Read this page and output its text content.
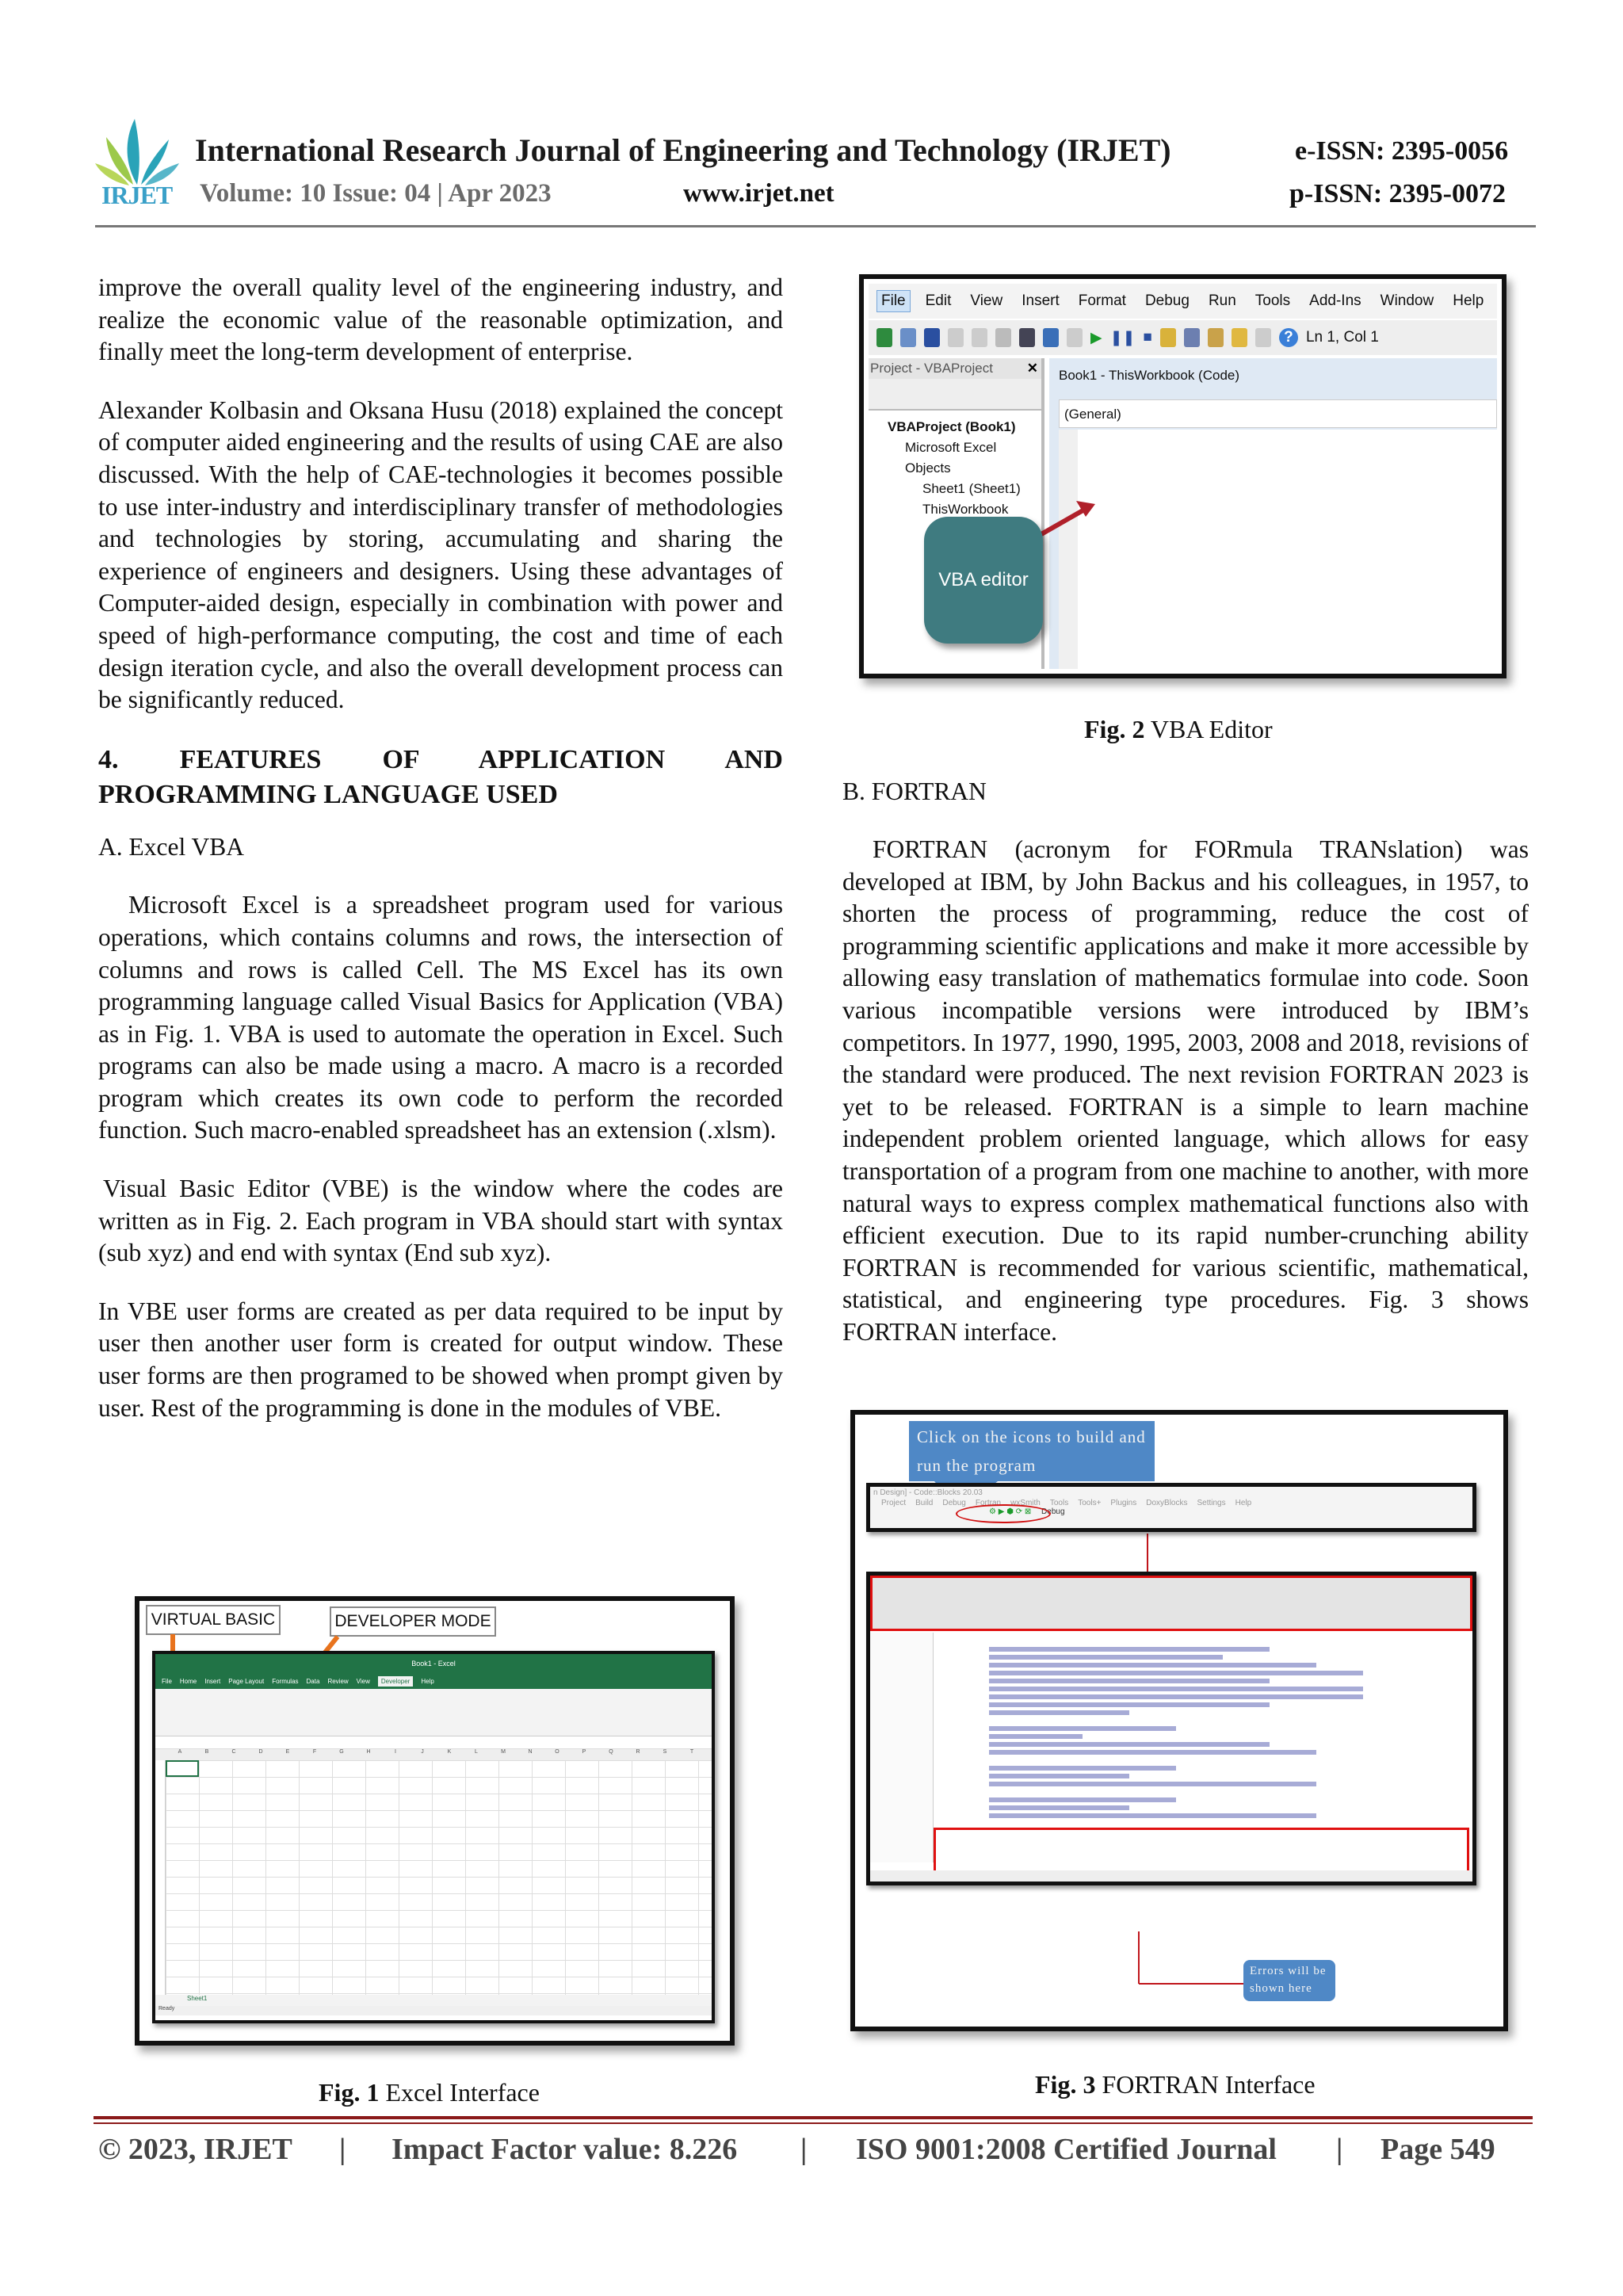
IRJET
International Research Journal of Engineering and Technology (IRJET)
Volume: 10 Issue: 04 | Apr 2023	www.irjet.net
e-ISSN: 2395-0056
p-ISSN: 2395-0072

improve the overall quality level of the engineering industry, and realize the economic value of the reasonable optimization, and finally meet the long-term development of enterprise.

Alexander Kolbasin and Oksana Husu (2018) explained the concept of computer aided engineering and the results of using CAE are also discussed. With the help of CAE-technologies it becomes possible to use inter-industry and interdisciplinary transfer of methodologies and technologies by storing, accumulating and sharing the experience of engineers and designers. Using these advantages of Computer-aided design, especially in combination with power and speed of high-performance computing, the cost and time of each design iteration cycle, and also the overall development process can be significantly reduced.

4. FEATURES OF APPLICATION AND PROGRAMMING LANGUAGE USED
A. Excel VBA

Microsoft Excel is a spreadsheet program used for various operations, which contains columns and rows, the intersection of columns and rows is called Cell. The MS Excel has its own programming language called Visual Basics for Application (VBA) as in Fig. 1. VBA is used to automate the operation in Excel. Such programs can also be made using a macro. A macro is a recorded program which creates its own code to perform the recorded function. Such macro-enabled spreadsheet has an extension (.xlsm).

Visual Basic Editor (VBE) is the window where the codes are written as in Fig. 2. Each program in VBA should start with syntax (sub xyz) and end with syntax (End sub xyz).

In VBE user forms are created as per data required to be input by user then another user form is created for output window. These user forms are then programed to be showed when prompt given by user. Rest of the programming is done in the modules of VBE.

VIRTUAL BASIC	DEVELOPER MODE
Book1 - Excel
File Home Insert Page Layout Formulas Data Review View	Developer	Help
A	B	C	D	E	F	G	H	I	J	K	L	M	N	O	P	Q	R	S	T
Sheet1
Ready
Fig. 1 Excel Interface
File	Edit View Insert Format Debug Run Tools Add-Ins Window Help
▶ ❚❚ ■	? Ln 1, Col 1
Project - VBAProject	✕
VBAProject (Book1)
Microsoft Excel Objects
Sheet1 (Sheet1)
ThisWorkbook
Book1 - ThisWorkbook (Code)
(General)
VBA editor
Fig. 2 VBA Editor
B. FORTRAN

FORTRAN (acronym for FORmula TRANslation) was developed at IBM, by John Backus and his colleagues, in 1957, to shorten the process of programming, reduce the cost of programming scientific applications and make it more accessible by allowing easy translation of mathematics formulae into code. Soon various incompatible versions were introduced by IBM’s competitors. In 1977, 1990, 1995, 2003, 2008 and 2018, revisions of the standard were produced. The next revision FORTRAN 2023 is yet to be released. FORTRAN is a simple to learn machine independent problem oriented language, which allows for easy transportation of a program from one machine to another, with more natural ways to express complex mathematical functions also with efficient execution. Due to its rapid number-crunching ability FORTRAN is recommended for various scientific, mathematical, statistical, and engineering type procedures. Fig. 3 shows FORTRAN interface.

Click on the icons to build and run the program
n Design] - Code::Blocks 20.03
Project Build Debug Fortran wxSmith Tools Tools+ Plugins DoxyBlocks Settings Help
⚙ ▶ ⬢ ⟳ ⊠ Debug
Errors will be shown here
Fig. 3 FORTRAN Interface
© 2023, IRJET | Impact Factor value: 8.226 | ISO 9001:2008 Certified Journal | Page 549
